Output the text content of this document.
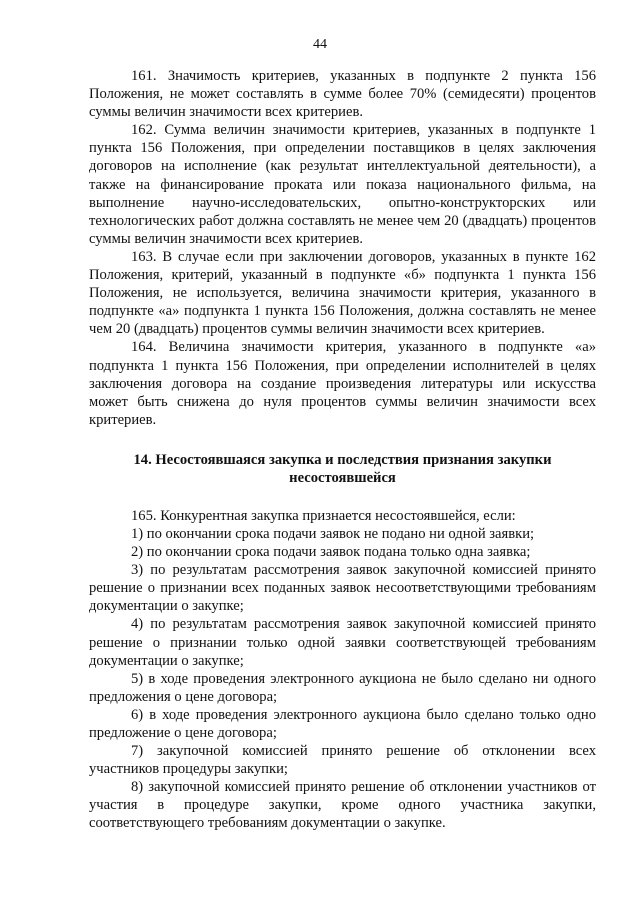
44

161. Значимость критериев, указанных в подпункте 2 пункта 156 Положения, не может составлять в сумме более 70% (семидесяти) процентов суммы величин значимости всех критериев.

162. Сумма величин значимости критериев, указанных в подпункте 1 пункта 156 Положения, при определении поставщиков в целях заключения договоров на исполнение (как результат интеллектуальной деятельности), а также на финансирование проката или показа национального фильма, на выполнение научно-исследовательских, опытно-конструкторских или технологических работ должна составлять не менее чем 20 (двадцать) процентов суммы величин значимости всех критериев.

163. В случае если при заключении договоров, указанных в пункте 162 Положения, критерий, указанный в подпункте «б» подпункта 1 пункта 156 Положения, не используется, величина значимости критерия, указанного в подпункте «а» подпункта 1 пункта 156 Положения, должна составлять не менее чем 20 (двадцать) процентов суммы величин значимости всех критериев.

164. Величина значимости критерия, указанного в подпункте «а» подпункта 1 пункта 156 Положения, при определении исполнителей в целях заключения договора на создание произведения литературы или искусства может быть снижена до нуля процентов суммы величин значимости всех критериев.

14. Несостоявшаяся закупка и последствия признания закупки несостоявшейся

165. Конкурентная закупка признается несостоявшейся, если:

1) по окончании срока подачи заявок не подано ни одной заявки;

2) по окончании срока подачи заявок подана только одна заявка;

3) по результатам рассмотрения заявок закупочной комиссией принято решение о признании всех поданных заявок несоответствующими требованиям документации о закупке;

4) по результатам рассмотрения заявок закупочной комиссией принято решение о признании только одной заявки соответствующей требованиям документации о закупке;

5) в ходе проведения электронного аукциона не было сделано ни одного предложения о цене договора;

6) в ходе проведения электронного аукциона было сделано только одно предложение о цене договора;

7) закупочной комиссией принято решение об отклонении всех участников процедуры закупки;

8) закупочной комиссией принято решение об отклонении участников от участия в процедуре закупки, кроме одного участника закупки, соответствующего требованиям документации о закупке.
